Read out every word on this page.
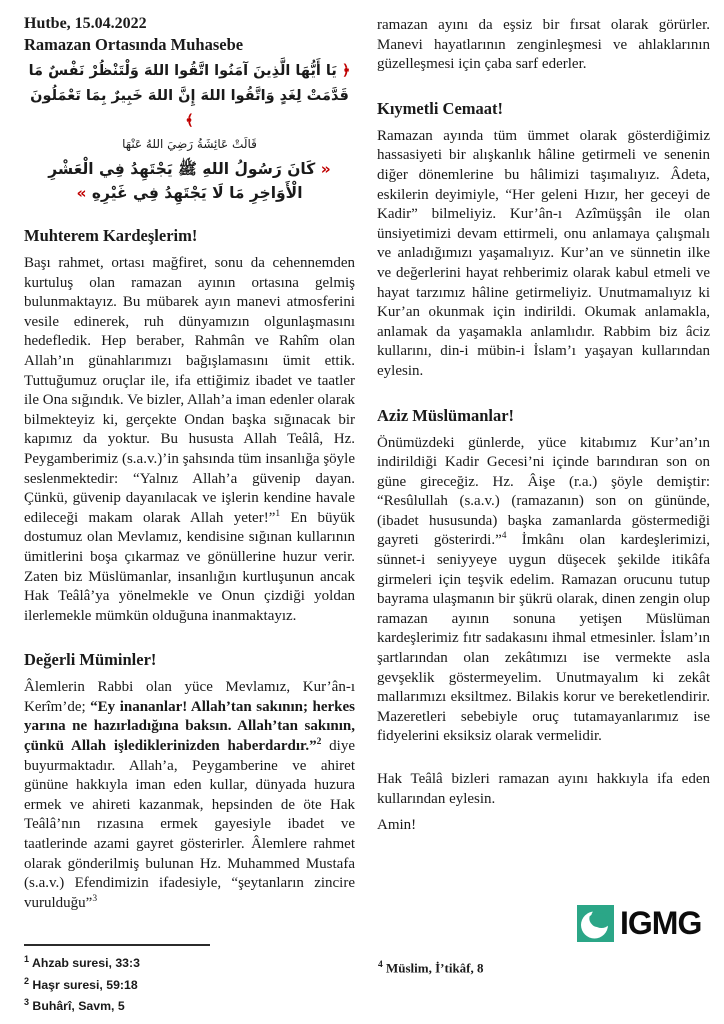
Hutbe, 15.04.2022
Ramazan Ortasında Muhasebe
﴿ يَا أَيُّهَا الَّذِينَ آمَنُوا اتَّقُوا اللهَ وَلْتَنْظُرْ نَفْسٌ مَا قَدَّمَتْ لِغَدٍ وَاتَّقُوا اللهَ إِنَّ اللهَ خَبِيرٌ بِمَا تَعْمَلُونَ ﴾
قَالَتْ عَائِشَةُ رَضِيَ اللهُ عَنْهَا
« كَانَ رَسُولُ اللهِ ﷺ يَجْتَهِدُ فِي الْعَشْرِ الْأَوَاخِرِ مَا لَا يَجْتَهِدُ فِي غَيْرِهِ »
Muhterem Kardeşlerim!

Başı rahmet, ortası mağfiret, sonu da cehennemden kurtuluş olan ramazan ayının ortasına gelmiş bulunmaktayız. Bu mübarek ayın manevi atmosferini vesile edinerek, ruh dünyamızın olgunlaşmasını hedefledik. Hep beraber, Rahmân ve Rahîm olan Allah’ın günahlarımızı bağışlamasını ümit ettik. Tuttuğumuz oruçlar ile, ifa ettiğimiz ibadet ve taatler ile Ona sığındık. Ve bizler, Allah’a iman edenler olarak bilmekteyiz ki, gerçekte Ondan başka sığınacak bir kapımız da yoktur. Bu hususta Allah Teâlâ, Hz. Peygamberimiz (s.a.v.)’in şahsında tüm insanlığa şöyle seslenmektedir: “Yalnız Allah’a güvenip dayan. Çünkü, güvenip dayanılacak ve işlerin kendine havale edileceği makam olarak Allah yeter!”$^1$ En büyük dostumuz olan Mevlamız, kendisine sığınan kullarının ümitlerini boşa çıkarmaz ve gönüllerine huzur verir. Zaten biz Müslümanlar, insanlığın kurtluşunun ancak Hak Teâlâ’ya yönelmekle ve Onun çizdiği yoldan ilerlemekle mümkün olduğuna inanmaktayız.

Değerli Müminler!

Âlemlerin Rabbi olan yüce Mevlamız, Kur’ân-ı Kerîm’de; “Ey inananlar! Allah’tan sakının; herkes yarına ne hazırladığına baksın. Allah’tan sakının, çünkü Allah işlediklerinizden haberdardır.”$^2$ diye buyurmaktadır. Allah’a, Peygamberine ve ahiret gününe hakkıyla iman eden kullar, dünyada huzura ermek ve ahireti kazanmak, hepsinden de öte Hak Teâlâ’nın rızasına ermek gayesiyle ibadet ve taatlerinde azami gayret gösterirler. Âlemlere rahmet olarak gönderilmiş bulunan Hz. Muhammed Mustafa (s.a.v.) Efendimizin ifadesiyle, “şeytanların zincire vurulduğu”$^3$

ramazan ayını da eşsiz bir fırsat olarak görürler. Manevi hayatlarının zenginleşmesi ve ahlaklarının güzelleşmesi için çaba sarf ederler.

Kıymetli Cemaat!

Ramazan ayında tüm ümmet olarak gösterdiğimiz hassasiyeti bir alışkanlık hâline getirmeli ve senenin diğer dönemlerine bu hâlimizi taşımalıyız. Âdeta, eskilerin deyimiyle, “Her geleni Hızır, her geceyi de Kadir” bilmeliyiz. Kur’ân-ı Azîmüşşân ile olan ünsiyetimizi devam ettirmeli, onu anlamaya çalışmalı ve anladığımızı yaşamalıyız. Kur’an ve sünnetin ilke ve değerlerini hayat rehberimiz olarak kabul etmeli ve hayat tarzımız hâline getirmeliyiz. Unutmamalıyız ki Kur’an okunmak için indirildi. Okumak anlamakla, anlamak da yaşamakla anlamlıdır. Rabbim biz âciz kullarını, din-i mübin-i İslam’ı yaşayan kullarından eylesin.

Aziz Müslümanlar!

Önümüzdeki günlerde, yüce kitabımız Kur’an’ın indirildiği Kadir Gecesi’ni içinde barındıran son on güne gireceğiz. Hz. Âişe (r.a.) şöyle demiştir: “Resûlullah (s.a.v.) (ramazanın) son on gününde, (ibadet hususunda) başka zamanlarda göstermediği gayreti gösterirdi.”$^4$ İmkânı olan kardeşlerimizi, sünnet-i seniyyeye uygun düşecek şekilde itikâfa girmeleri için teşvik edelim. Ramazan orucunu tutup bayrama ulaşmanın bir şükrü olarak, dinen zengin olup ramazan ayının sonuna yetişen Müslüman kardeşlerimiz fıtr sadakasını ihmal etmesinler. İslam’ın şartlarından olan zekâtımızı ise vermekte asla gevşeklik göstermeyelim. Unutmayalım ki zekât mallarımızı eksiltmez. Bilakis korur ve bereketlendirir. Mazeretleri sebebiyle oruç tutamayanlarımız ise fidyelerini eksiksiz olarak vermelidir.

Hak Teâlâ bizleri ramazan ayını hakkıyla ifa eden kullarından eylesin.

Amin!

$^1$ Ahzab suresi, 33:3
$^2$ Haşr suresi, 59:18
$^3$ Buhârî, Savm, 5
IGMG
$^4$ Müslim, İ’tikâf, 8
